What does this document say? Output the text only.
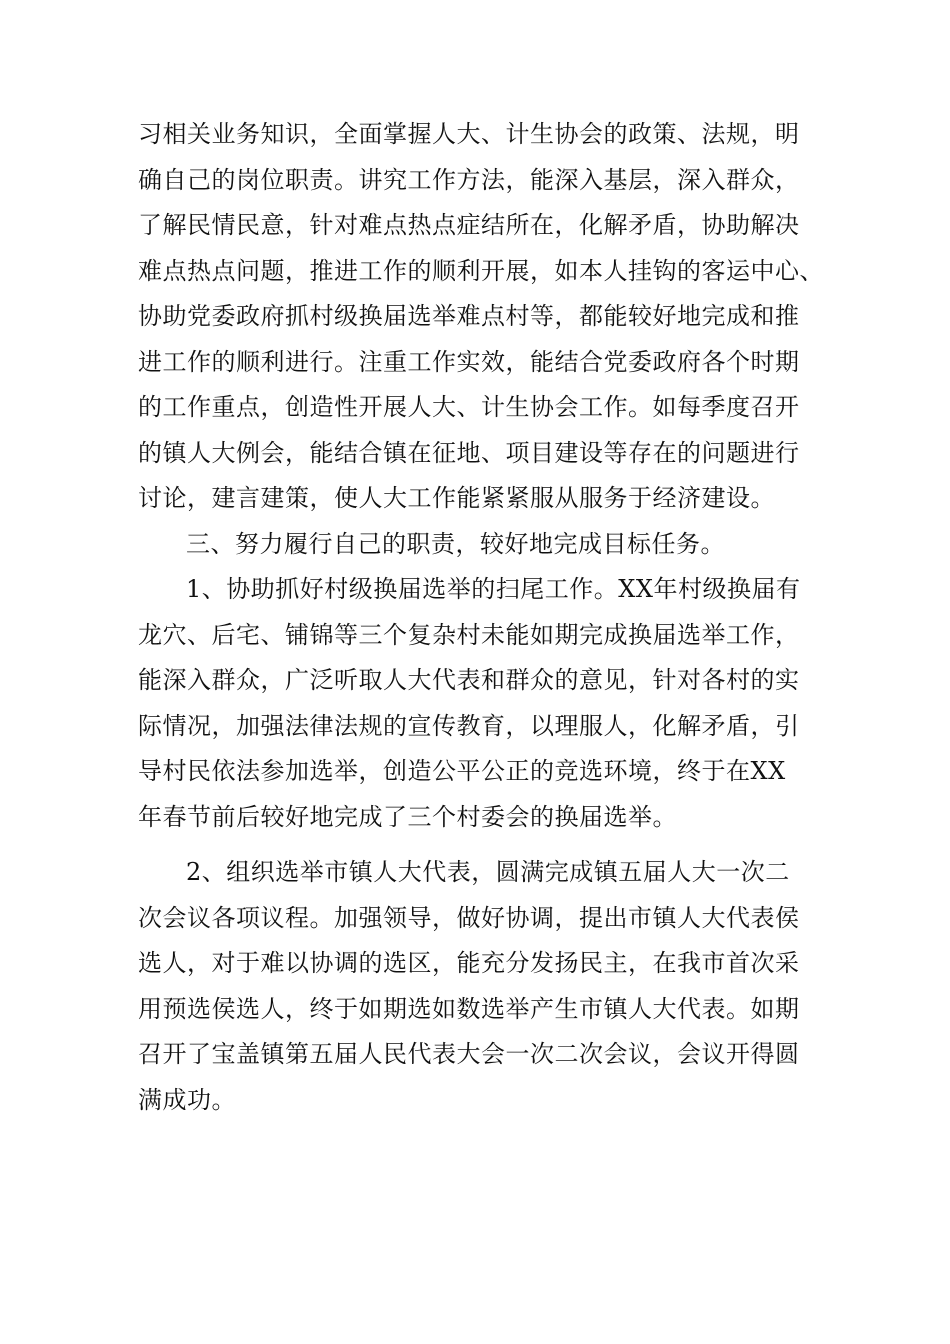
习相关业务知识，全面掌握人大、计生协会的政策、法规，明
确自己的岗位职责。讲究工作方法，能深入基层，深入群众，
了解民情民意，针对难点热点症结所在，化解矛盾，协助解决
难点热点问题，推进工作的顺利开展，如本人挂钩的客运中心、
协助党委政府抓村级换届选举难点村等，都能较好地完成和推
进工作的顺利进行。注重工作实效，能结合党委政府各个时期
的工作重点，创造性开展人大、计生协会工作。如每季度召开
的镇人大例会，能结合镇在征地、项目建设等存在的问题进行
讨论，建言建策，使人大工作能紧紧服从服务于经济建设。
三、努力履行自己的职责，较好地完成目标任务。
1、协助抓好村级换届选举的扫尾工作。XX年村级换届有
龙穴、后宅、铺锦等三个复杂村未能如期完成换届选举工作，
能深入群众，广泛听取人大代表和群众的意见，针对各村的实
际情况，加强法律法规的宣传教育，以理服人，化解矛盾，引
导村民依法参加选举，创造公平公正的竞选环境，终于在XX
年春节前后较好地完成了三个村委会的换届选举。
2、组织选举市镇人大代表，圆满完成镇五届人大一次二
次会议各项议程。加强领导，做好协调，提出市镇人大代表侯
选人，对于难以协调的选区，能充分发扬民主，在我市首次采
用预选侯选人，终于如期选如数选举产生市镇人大代表。如期
召开了宝盖镇第五届人民代表大会一次二次会议，会议开得圆
满成功。
